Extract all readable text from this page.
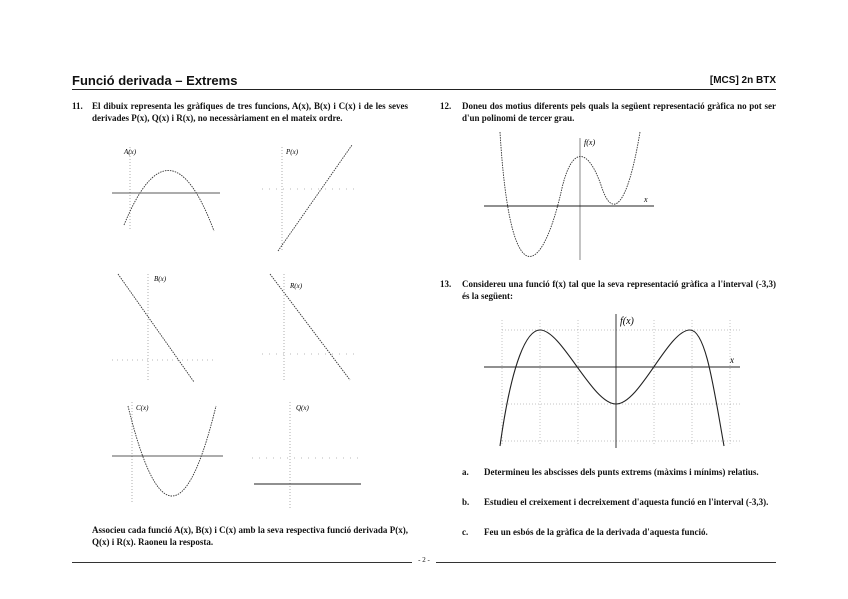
Funció derivada – Extrems	[MCS] 2n BTX
11. El dibuix representa les gràfiques de tres funcions, A(x), B(x) i C(x) i de les seves derivades P(x), Q(x) i R(x), no necessàriament en el mateix ordre.
A(x)	P(x)
B(x)
R(x)
C(x)	Q(x)
Associeu cada funció A(x), B(x) i C(x) amb la seva respectiva funció derivada P(x), Q(x) i R(x). Raoneu la resposta.
12. Doneu dos motius diferents pels quals la següent representació gràfica no pot ser d'un polinomi de tercer grau.
f(x)
x
13. Considereu una funció f(x) tal que la seva representació gràfica a l'interval (-3,3) és la següent:
f(x)
x
a. Determineu les abscisses dels punts extrems (màxims i mínims) relatius.
b. Estudieu el creixement i decreixement d'aquesta funció en l'interval (-3,3).
c. Feu un esbós de la gràfica de la derivada d'aquesta funció.
- 2 -
